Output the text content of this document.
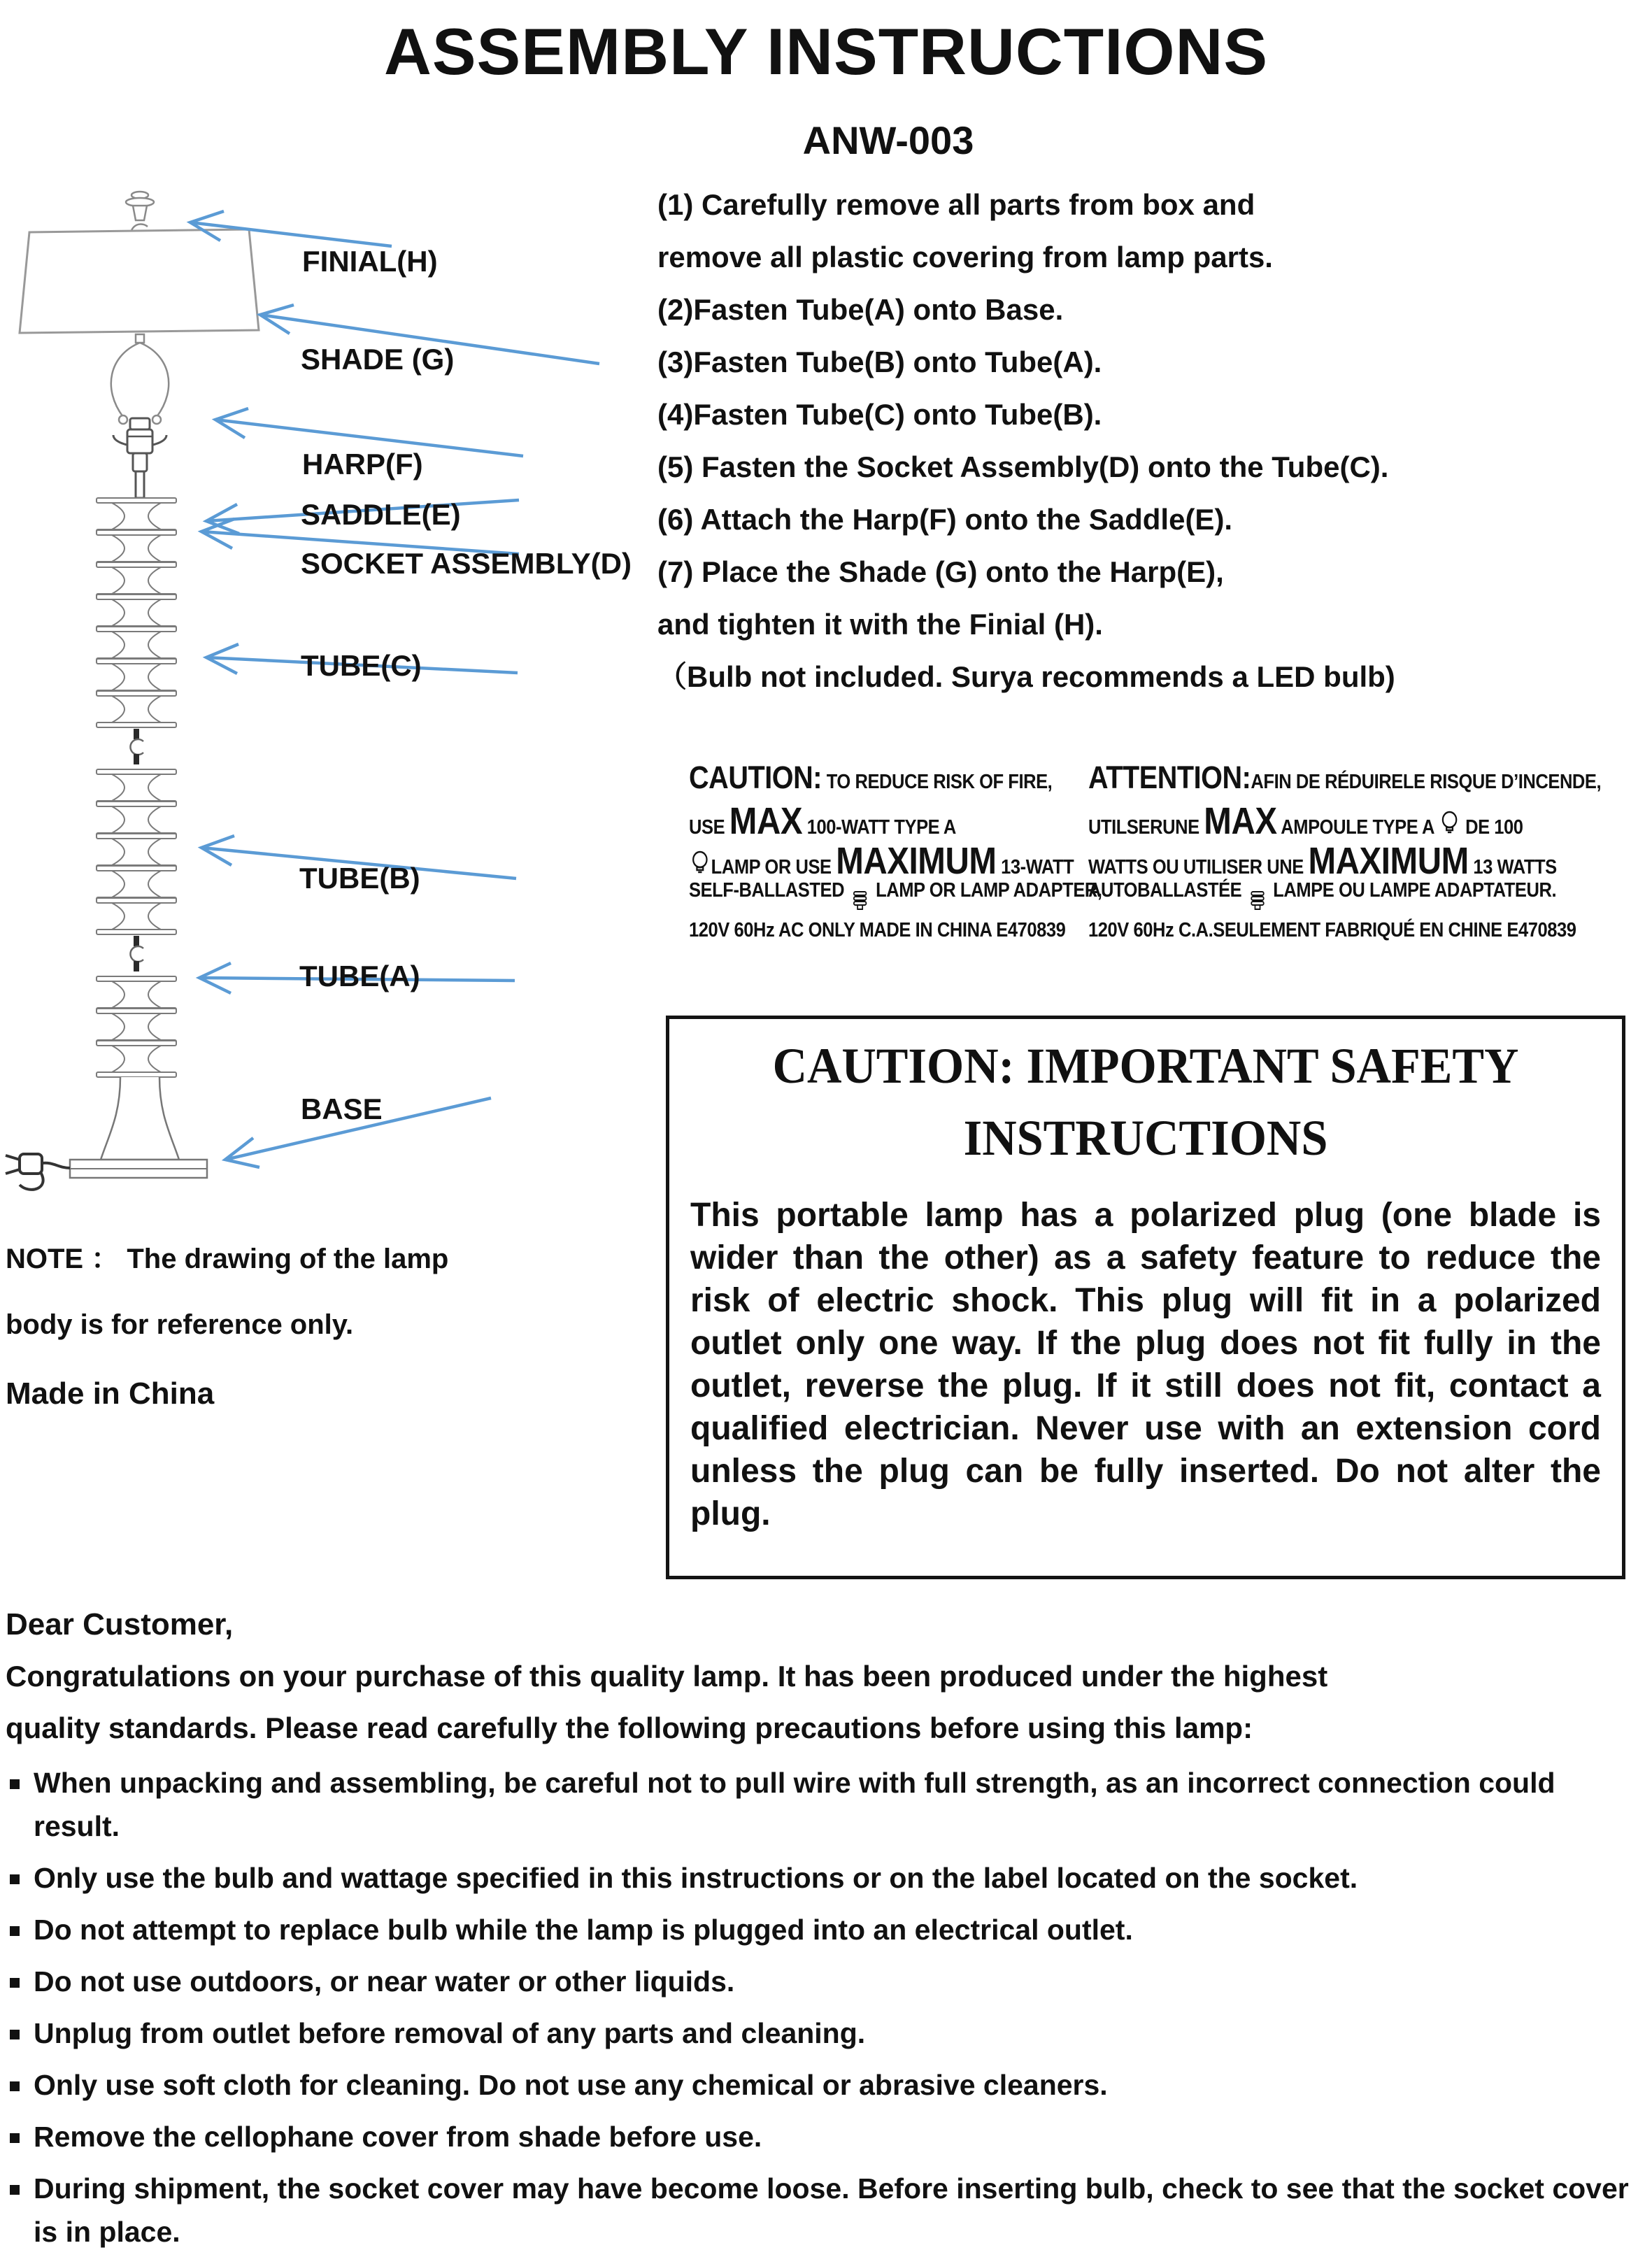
ASSEMBLY INSTRUCTIONS
ANW-003
FINIAL(H)
SHADE (G)
HARP(F)
SADDLE(E)
SOCKET ASSEMBLY(D)
TUBE(C)
TUBE(B)
TUBE(A)
BASE
(1) Carefully remove all parts from box and
remove all plastic covering from lamp parts.
(2)Fasten Tube(A) onto Base.
(3)Fasten Tube(B) onto Tube(A).
(4)Fasten Tube(C) onto Tube(B).
(5) Fasten the Socket Assembly(D) onto the Tube(C).
(6) Attach the Harp(F) onto the Saddle(E).
(7) Place the Shade (G) onto the Harp(E),
and tighten it with the Finial (H).
（Bulb not included. Surya recommends a LED bulb)
CAUTION: TO REDUCE RISK OF FIRE,
USE MAX 100-WATT TYPE A
LAMP OR USE MAXIMUM 13-WATT
SELF-BALLASTED LAMP OR LAMP ADAPTER,
120V 60Hz AC ONLY MADE IN CHINA E470839
ATTENTION: AFIN DE RÉDUIRELE RISQUE D’INCENDE,
UTILSERUNE MAX AMPOULE TYPE A DE 100
WATTS OU UTILISER UNE MAXIMUM 13 WATTS
AUTOBALLASTÉE LAMPE OU LAMPE ADAPTATEUR.
120V 60Hz C.A.SEULEMENT FABRIQUÉ EN CHINE E470839
CAUTION: IMPORTANT SAFETY
INSTRUCTIONS
This portable lamp has a polarized plug (one blade is wider than the other) as a safety feature to reduce the risk of electric shock. This plug will fit in a polarized outlet only one way. If the plug does not fit fully in the outlet, reverse the plug. If it still does not fit, contact a qualified electrician. Never use with an extension cord unless the plug can be fully inserted. Do not alter the plug.
NOTE ： The drawing of the lamp
body is for reference only.
Made in China
Dear Customer,
Congratulations on your purchase of this quality lamp. It has been produced under the highest
quality standards. Please read carefully the following precautions before using this lamp:
When unpacking and assembling, be careful not to pull wire with full strength, as an incorrect connection could result.
Only use the bulb and wattage specified in this instructions or on the label located on the socket.
Do not attempt to replace bulb while the lamp is plugged into an electrical outlet.
Do not use outdoors, or near water or other liquids.
Unplug from outlet before removal of any parts and cleaning.
Only use soft cloth for cleaning. Do not use any chemical or abrasive cleaners.
Remove the cellophane cover from shade before use.
During shipment, the socket cover may have become loose. Before inserting bulb, check to see that the socket cover is in place.
